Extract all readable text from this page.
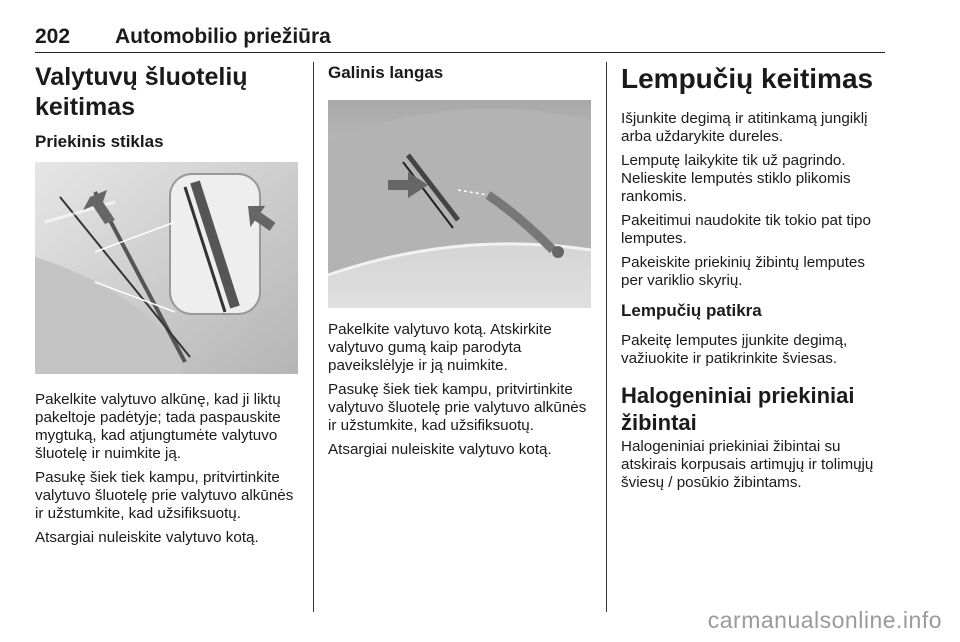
202 Automobilio priežiūra
Valytuvų šluotelių keitimas
Priekinis stiklas

Pakelkite valytuvo alkūnę, kad ji liktų pakeltoje padėtyje; tada paspauskite mygtuką, kad atjungtumėte valytuvo šluotelę ir nuimkite ją.

Pasukę šiek tiek kampu, pritvirtinkite valytuvo šluotelę prie valytuvo alkūnės ir užstumkite, kad užsifiksuotų.

Atsargiai nuleiskite valytuvo kotą.

Galinis langas

Pakelkite valytuvo kotą. Atskirkite valytuvo gumą kaip parodyta paveikslėlyje ir ją nuimkite.

Pasukę šiek tiek kampu, pritvirtinkite valytuvo šluotelę prie valytuvo alkūnės ir užstumkite, kad užsifiksuotų.

Atsargiai nuleiskite valytuvo kotą.

Lempučių keitimas

Išjunkite degimą ir atitinkamą jungiklį arba uždarykite dureles.

Lemputę laikykite tik už pagrindo. Nelieskite lemputės stiklo plikomis rankomis.

Pakeitimui naudokite tik tokio pat tipo lemputes.

Pakeiskite priekinių žibintų lemputes per variklio skyrių.

Lempučių patikra

Pakeitę lemputes įjunkite degimą, važiuokite ir patikrinkite šviesas.

Halogeniniai priekiniai žibintai

Halogeniniai priekiniai žibintai su atskirais korpusais artimųjų ir tolimųjų šviesų / posūkio žibintams.

carmanualsonline.info
